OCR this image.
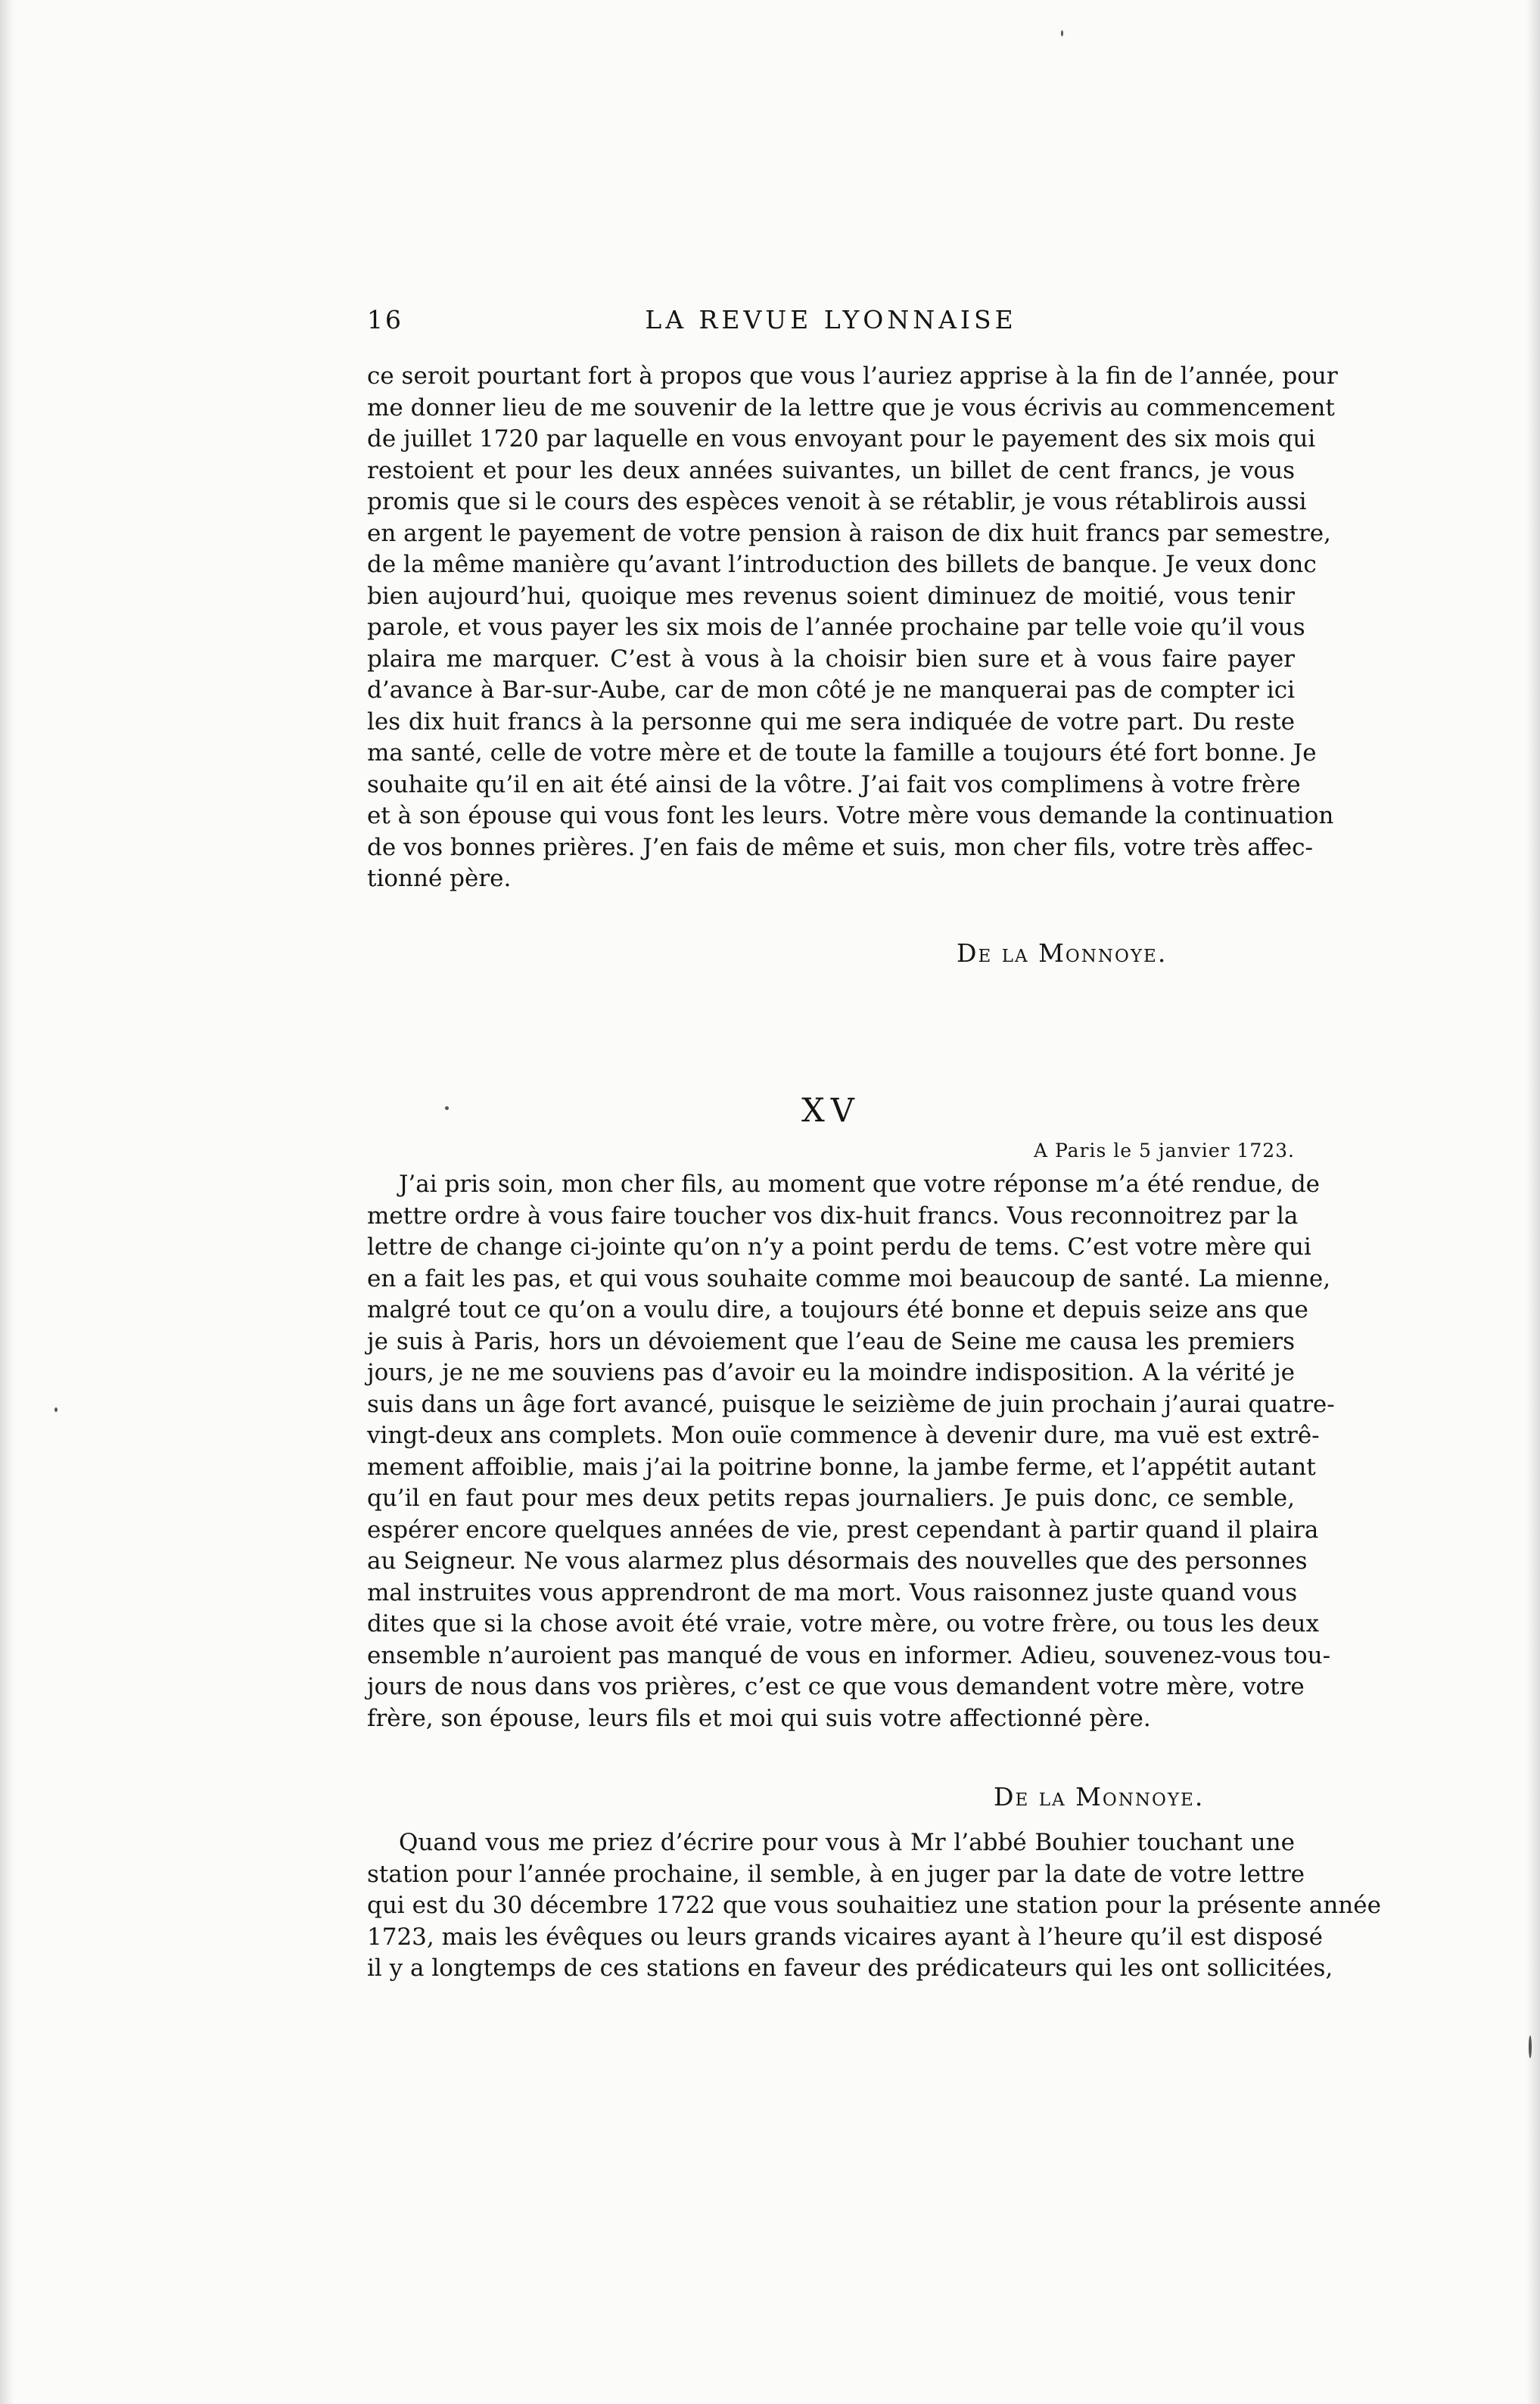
16	LA REVUE LYONNAISE
ce seroit pourtant fort à propos que vous l’auriez apprise à la fin de l’année, pour
me donner lieu de me souvenir de la lettre que je vous écrivis au commencement
de juillet 1720 par laquelle en vous envoyant pour le payement des six mois qui
restoient et pour les deux années suivantes, un billet de cent francs, je vous
promis que si le cours des espèces venoit à se rétablir, je vous rétablirois aussi
en argent le payement de votre pension à raison de dix huit francs par semestre,
de la même manière qu’avant l’introduction des billets de banque. Je veux donc
bien aujourd’hui, quoique mes revenus soient diminuez de moitié, vous tenir
parole, et vous payer les six mois de l’année prochaine par telle voie qu’il vous
plaira me marquer. C’est à vous à la choisir bien sure et à vous faire payer
d’avance à Bar-sur-Aube, car de mon côté je ne manquerai pas de compter ici
les dix huit francs à la personne qui me sera indiquée de votre part. Du reste
ma santé, celle de votre mère et de toute la famille a toujours été fort bonne. Je
souhaite qu’il en ait été ainsi de la vôtre. J’ai fait vos complimens à votre frère
et à son épouse qui vous font les leurs. Votre mère vous demande la continuation
de vos bonnes prières. J’en fais de même et suis, mon cher fils, votre très affec-
tionné père.
De la Monnoye.
XV
A Paris le 5 janvier 1723.
J’ai pris soin, mon cher fils, au moment que votre réponse m’a été rendue, de
mettre ordre à vous faire toucher vos dix-huit francs. Vous reconnoitrez par la
lettre de change ci-jointe qu’on n’y a point perdu de tems. C’est votre mère qui
en a fait les pas, et qui vous souhaite comme moi beaucoup de santé. La mienne,
malgré tout ce qu’on a voulu dire, a toujours été bonne et depuis seize ans que
je suis à Paris, hors un dévoiement que l’eau de Seine me causa les premiers
jours, je ne me souviens pas d’avoir eu la moindre indisposition. A la vérité je
suis dans un âge fort avancé, puisque le seizième de juin prochain j’aurai quatre-
vingt-deux ans complets. Mon ouïe commence à devenir dure, ma vuë est extrê-
mement affoiblie, mais j’ai la poitrine bonne, la jambe ferme, et l’appétit autant
qu’il en faut pour mes deux petits repas journaliers. Je puis donc, ce semble,
espérer encore quelques années de vie, prest cependant à partir quand il plaira
au Seigneur. Ne vous alarmez plus désormais des nouvelles que des personnes
mal instruites vous apprendront de ma mort. Vous raisonnez juste quand vous
dites que si la chose avoit été vraie, votre mère, ou votre frère, ou tous les deux
ensemble n’auroient pas manqué de vous en informer. Adieu, souvenez-vous tou-
jours de nous dans vos prières, c’est ce que vous demandent votre mère, votre
frère, son épouse, leurs fils et moi qui suis votre affectionné père.
De la Monnoye.
Quand vous me priez d’écrire pour vous à Mr l’abbé Bouhier touchant une
station pour l’année prochaine, il semble, à en juger par la date de votre lettre
qui est du 30 décembre 1722 que vous souhaitiez une station pour la présente année
1723, mais les évêques ou leurs grands vicaires ayant à l’heure qu’il est disposé
il y a longtemps de ces stations en faveur des prédicateurs qui les ont sollicitées,
